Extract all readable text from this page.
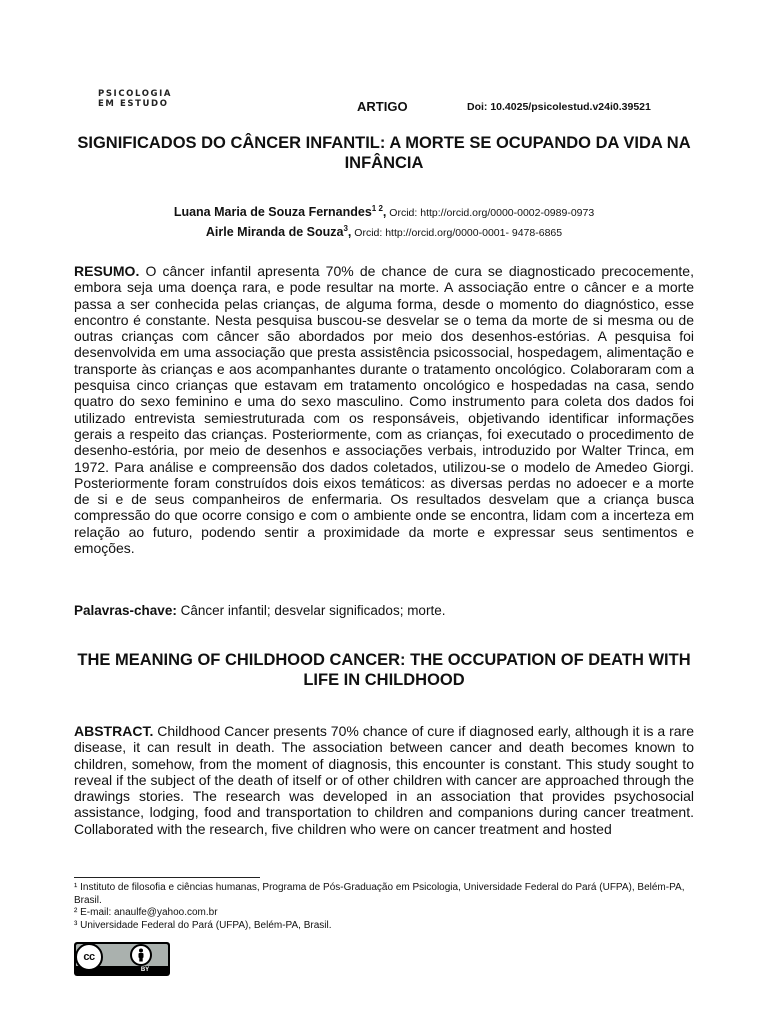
PSICOLOGIA
EM ESTUDO	ARTIGO	Doi: 10.4025/psicolestud.v24i0.39521
SIGNIFICADOS DO CÂNCER INFANTIL: A MORTE SE OCUPANDO DA VIDA NA INFÂNCIA
Luana Maria de Souza Fernandes$^{1 2}$, Orcid: http://orcid.org/0000-0002-0989-0973
Airle Miranda de Souza$^3$, Orcid: http://orcid.org/0000-0001- 9478-6865

RESUMO. O câncer infantil apresenta 70% de chance de cura se diagnosticado precocemente, embora seja uma doença rara, e pode resultar na morte. A associação entre o câncer e a morte passa a ser conhecida pelas crianças, de alguma forma, desde o momento do diagnóstico, esse encontro é constante. Nesta pesquisa buscou-se desvelar se o tema da morte de si mesma ou de outras crianças com câncer são abordados por meio dos desenhos-estórias. A pesquisa foi desenvolvida em uma associação que presta assistência psicossocial, hospedagem, alimentação e transporte às crianças e aos acompanhantes durante o tratamento oncológico. Colaboraram com a pesquisa cinco crianças que estavam em tratamento oncológico e hospedadas na casa, sendo quatro do sexo feminino e uma do sexo masculino. Como instrumento para coleta dos dados foi utilizado entrevista semiestruturada com os responsáveis, objetivando identificar informações gerais a respeito das crianças. Posteriormente, com as crianças, foi executado o procedimento de desenho-estória, por meio de desenhos e associações verbais, introduzido por Walter Trinca, em 1972. Para análise e compreensão dos dados coletados, utilizou-se o modelo de Amedeo Giorgi. Posteriormente foram construídos dois eixos temáticos: as diversas perdas no adoecer e a morte de si e de seus companheiros de enfermaria. Os resultados desvelam que a criança busca compressão do que ocorre consigo e com o ambiente onde se encontra, lidam com a incerteza em relação ao futuro, podendo sentir a proximidade da morte e expressar seus sentimentos e emoções.

Palavras-chave: Câncer infantil; desvelar significados; morte.
THE MEANING OF CHILDHOOD CANCER: THE OCCUPATION OF DEATH WITH LIFE IN CHILDHOOD

ABSTRACT. Childhood Cancer presents 70% chance of cure if diagnosed early, although it is a rare disease, it can result in death. The association between cancer and death becomes known to children, somehow, from the moment of diagnosis, this encounter is constant. This study sought to reveal if the subject of the death of itself or of other children with cancer are approached through the drawings stories. The research was developed in an association that provides psychosocial assistance, lodging, food and transportation to children and companions during cancer treatment. Collaborated with the research, five children who were on cancer treatment and hosted

¹ Instituto de filosofia e ciências humanas, Programa de Pós-Graduação em Psicologia, Universidade Federal do Pará (UFPA), Belém-PA, Brasil.

² E-mail: anaulfe@yahoo.com.br

³ Universidade Federal do Pará (UFPA), Belém-PA, Brasil.

cc
BY
